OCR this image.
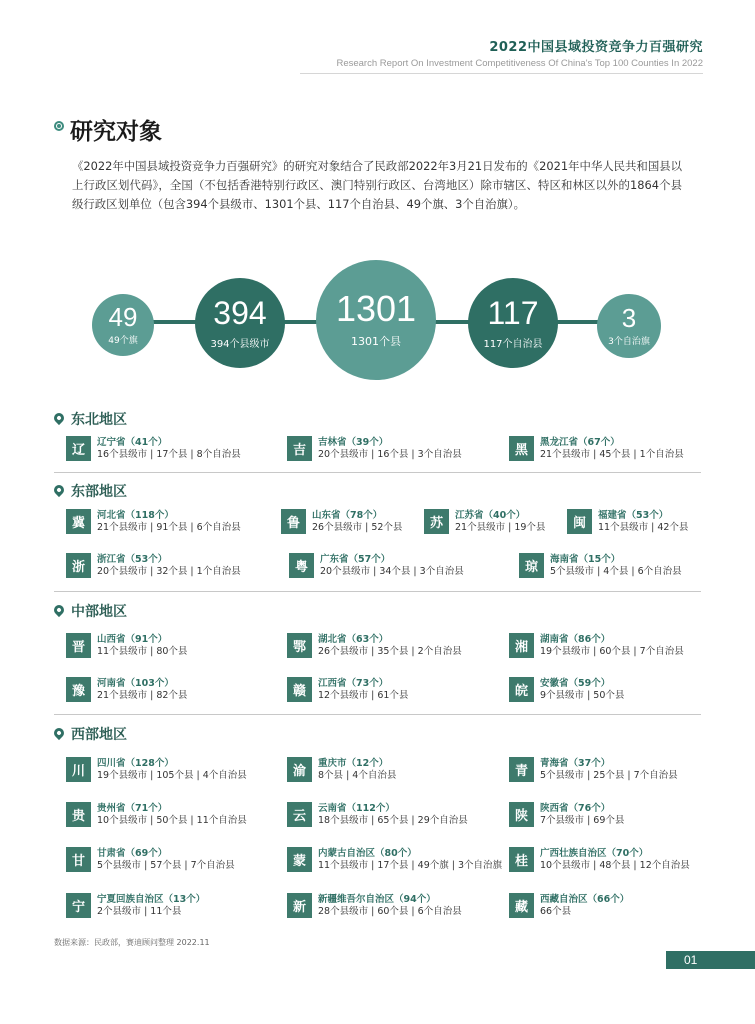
2022中国县域投资竞争力百强研究
Research Report On Investment Competitiveness Of China's Top 100 Counties In 2022
研究对象

《2022年中国县域投资竞争力百强研究》的研究对象结合了民政部2022年3月21日发布的《2021年中华人民共和国县以上行政区划代码》，全国（不包括香港特别行政区、澳门特别行政区、台湾地区）除市辖区、特区和林区以外的1864个县级行政区划单位（包含394个县级市、1301个县、117个自治县、49个旗、3个自治旗）。

49
49个旗
394
394个县级市
1301
1301个县
117
117个自治县
3
3个自治旗
东北地区
辽
辽宁省（41个）
16个县级市 | 17个县 | 8个自治县	吉
吉林省（39个）
20个县级市 | 16个县 | 3个自治县	黑
黑龙江省（67个）
21个县级市 | 45个县 | 1个自治县
东部地区
冀
河北省（118个）
21个县级市 | 91个县 | 6个自治县	鲁
山东省（78个）
26个县级市 | 52个县	苏
江苏省（40个）
21个县级市 | 19个县	闽
福建省（53个）
11个县级市 | 42个县
浙
浙江省（53个）
20个县级市 | 32个县 | 1个自治县	粤
广东省（57个）
20个县级市 | 34个县 | 3个自治县	琼
海南省（15个）
5个县级市 | 4个县 | 6个自治县
中部地区
晋
山西省（91个）
11个县级市 | 80个县	鄂
湖北省（63个）
26个县级市 | 35个县 | 2个自治县	湘
湖南省（86个）
19个县级市 | 60个县 | 7个自治县
豫
河南省（103个）
21个县级市 | 82个县	赣
江西省（73个）
12个县级市 | 61个县	皖
安徽省（59个）
9个县级市 | 50个县
西部地区
川
四川省（128个）
19个县级市 | 105个县 | 4个自治县	渝
重庆市（12个）
8个县 | 4个自治县	青
青海省（37个）
5个县级市 | 25个县 | 7个自治县
贵
贵州省（71个）
10个县级市 | 50个县 | 11个自治县	云
云南省（112个）
18个县级市 | 65个县 | 29个自治县	陕
陕西省（76个）
7个县级市 | 69个县
甘
甘肃省（69个）
5个县级市 | 57个县 | 7个自治县	蒙
内蒙古自治区（80个）
11个县级市 | 17个县 | 49个旗 | 3个自治旗 桂
广西壮族自治区（70个）
10个县级市 | 48个县 | 12个自治县
宁
宁夏回族自治区（13个）
2个县级市 | 11个县	新
新疆维吾尔自治区（94个）
28个县级市 | 60个县 | 6个自治县	藏
西藏自治区（66个）
66个县
数据来源：民政部，赛迪顾问整理 2022.11
01
